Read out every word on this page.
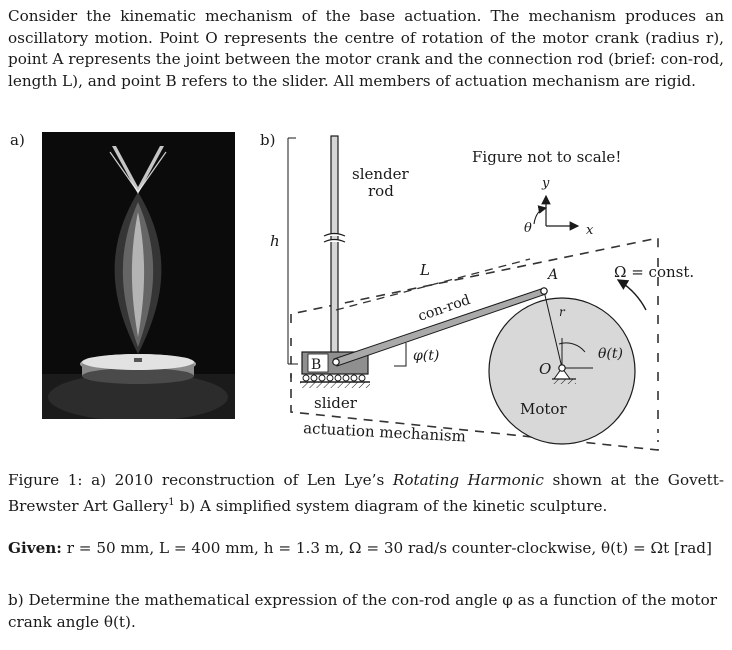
Consider the kinematic mechanism of the base actuation. The mechanism produces an oscillatory motion. Point O represents the centre of rotation of the motor crank (radius r), point A represents the joint between the motor crank and the connection rod (brief: con-rod, length L), and point B refers to the slider. All members of actuation mechanism are rigid.

a)	b)
h
slender
rod
B
slider
φ(t)
Motor
r
θ(t)
O
A
con-rod
L
y
x
θ
Ω = const.
Figure not to scale!
actuation mechanism

Figure 1: a) 2010 reconstruction of Len Lye’s Rotating Harmonic shown at the Govett-Brewster Art Gallery$^1$ b) A simplified system diagram of the kinetic sculpture.

Given: r = 50 mm, L = 400 mm, h = 1.3 m, Ω = 30 rad/s counter-clockwise, θ(t) = Ωt [rad]

b) Determine the mathematical expression of the con-rod angle φ as a function of the motor crank angle θ(t).
